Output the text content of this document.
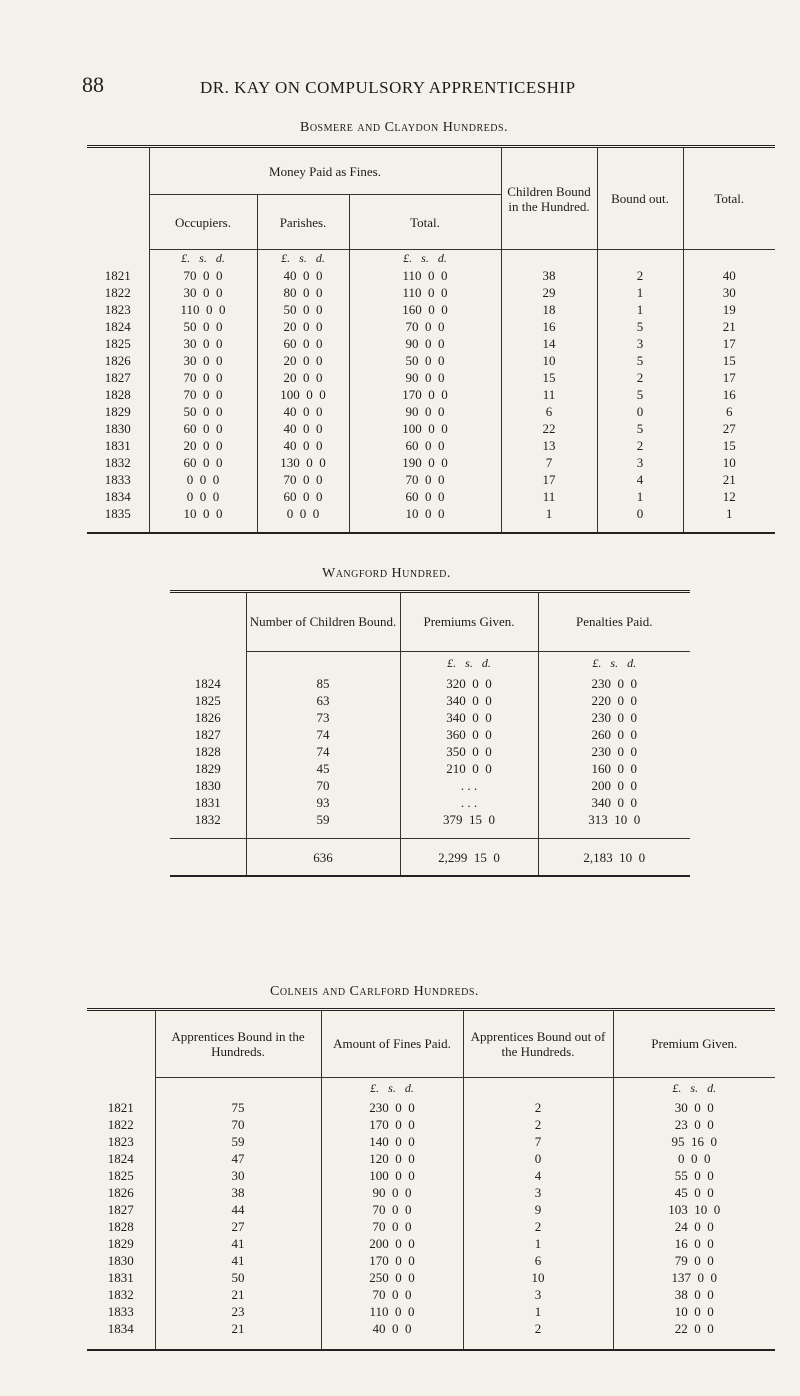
88	DR. KAY ON COMPULSORY APPRENTICESHIP
Bosmere and Claydon Hundreds.
	Money Paid as Fines.			Children Bound in the Hundred.	Bound out.	Total.
	Occupiers.	Parishes.	Total.			
	£.   s.   d.	£.   s.   d.	£.   s.   d.			
1821	70  0  0	40  0  0	110  0  0	38	2	40
1822	30  0  0	80  0  0	110  0  0	29	1	30
1823	110  0  0	50  0  0	160  0  0	18	1	19
1824	50  0  0	20  0  0	70  0  0	16	5	21
1825	30  0  0	60  0  0	90  0  0	14	3	17
1826	30  0  0	20  0  0	50  0  0	10	5	15
1827	70  0  0	20  0  0	90  0  0	15	2	17
1828	70  0  0	100  0  0	170  0  0	11	5	16
1829	50  0  0	40  0  0	90  0  0	6	0	6
1830	60  0  0	40  0  0	100  0  0	22	5	27
1831	20  0  0	40  0  0	60  0  0	13	2	15
1832	60  0  0	130  0  0	190  0  0	7	3	10
1833	0  0  0	70  0  0	70  0  0	17	4	21
1834	0  0  0	60  0  0	60  0  0	11	1	12
1835	10  0  0	0  0  0	10  0  0	1	0	1

Wangford Hundred.
	Number of Children Bound.	Premiums Given.	Penalties Paid.
		£.   s.   d.	£.   s.   d.
1824	85	320  0  0	230  0  0
1825	63	340  0  0	220  0  0
1826	73	340  0  0	230  0  0
1827	74	360  0  0	260  0  0
1828	74	350  0  0	230  0  0
1829	45	210  0  0	160  0  0
1830	70	. . .	200  0  0
1831	93	. . .	340  0  0
1832	59	379  15  0	313  10  0

	636	2,299  15  0	2,183  10  0
Colneis and Carlford Hundreds.
	Apprentices Bound in the Hundreds.	Amount of Fines Paid.	Apprentices Bound out of the Hundreds.	Premium Given.
		£.   s.   d.		£.   s.   d.
1821	75	230  0  0	2	30  0  0
1822	70	170  0  0	2	23  0  0
1823	59	140  0  0	7	95  16  0
1824	47	120  0  0	0	0  0  0
1825	30	100  0  0	4	55  0  0
1826	38	90  0  0	3	45  0  0
1827	44	70  0  0	9	103  10  0
1828	27	70  0  0	2	24  0  0
1829	41	200  0  0	1	16  0  0
1830	41	170  0  0	6	79  0  0
1831	50	250  0  0	10	137  0  0
1832	21	70  0  0	3	38  0  0
1833	23	110  0  0	1	10  0  0
1834	21	40  0  0	2	22  0  0
